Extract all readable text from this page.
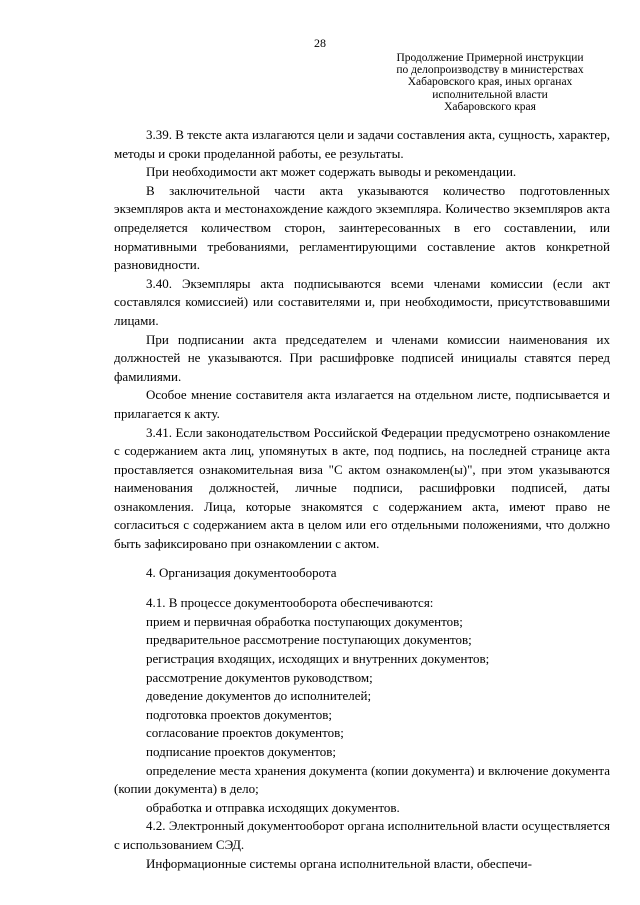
28
Продолжение Примерной инструкции
по делопроизводству в министерствах
Хабаровского края, иных органах
исполнительной власти
Хабаровского края

3.39. В тексте акта излагаются цели и задачи составления акта, сущность, характер, методы и сроки проделанной работы, ее результаты.

При необходимости акт может содержать выводы и рекомендации.

В заключительной части акта указываются количество подготовленных экземпляров акта и местонахождение каждого экземпляра. Количество экземпляров акта определяется количеством сторон, заинтересованных в его составлении, или нормативными требованиями, регламентирующими составление актов конкретной разновидности.

3.40. Экземпляры акта подписываются всеми членами комиссии (если акт составлялся комиссией) или составителями и, при необходимости, присутствовавшими лицами.

При подписании акта председателем и членами комиссии наименования их должностей не указываются. При расшифровке подписей инициалы ставятся перед фамилиями.

Особое мнение составителя акта излагается на отдельном листе, подписывается и прилагается к акту.

3.41. Если законодательством Российской Федерации предусмотрено ознакомление с содержанием акта лиц, упомянутых в акте, под подпись, на последней странице акта проставляется ознакомительная виза "С актом ознакомлен(ы)", при этом указываются наименования должностей, личные подписи, расшифровки подписей, даты ознакомления. Лица, которые знакомятся с содержанием акта, имеют право не согласиться с содержанием акта в целом или его отдельными положениями, что должно быть зафиксировано при ознакомлении с актом.

4. Организация документооборота

4.1. В процессе документооборота обеспечиваются:

прием и первичная обработка поступающих документов;

предварительное рассмотрение поступающих документов;

регистрация входящих, исходящих и внутренних документов;

рассмотрение документов руководством;

доведение документов до исполнителей;

подготовка проектов документов;

согласование проектов документов;

подписание проектов документов;

определение места хранения документа (копии документа) и включение документа (копии документа) в дело;

обработка и отправка исходящих документов.

4.2. Электронный документооборот органа исполнительной власти осуществляется с использованием СЭД.

Информационные системы органа исполнительной власти, обеспечи-
